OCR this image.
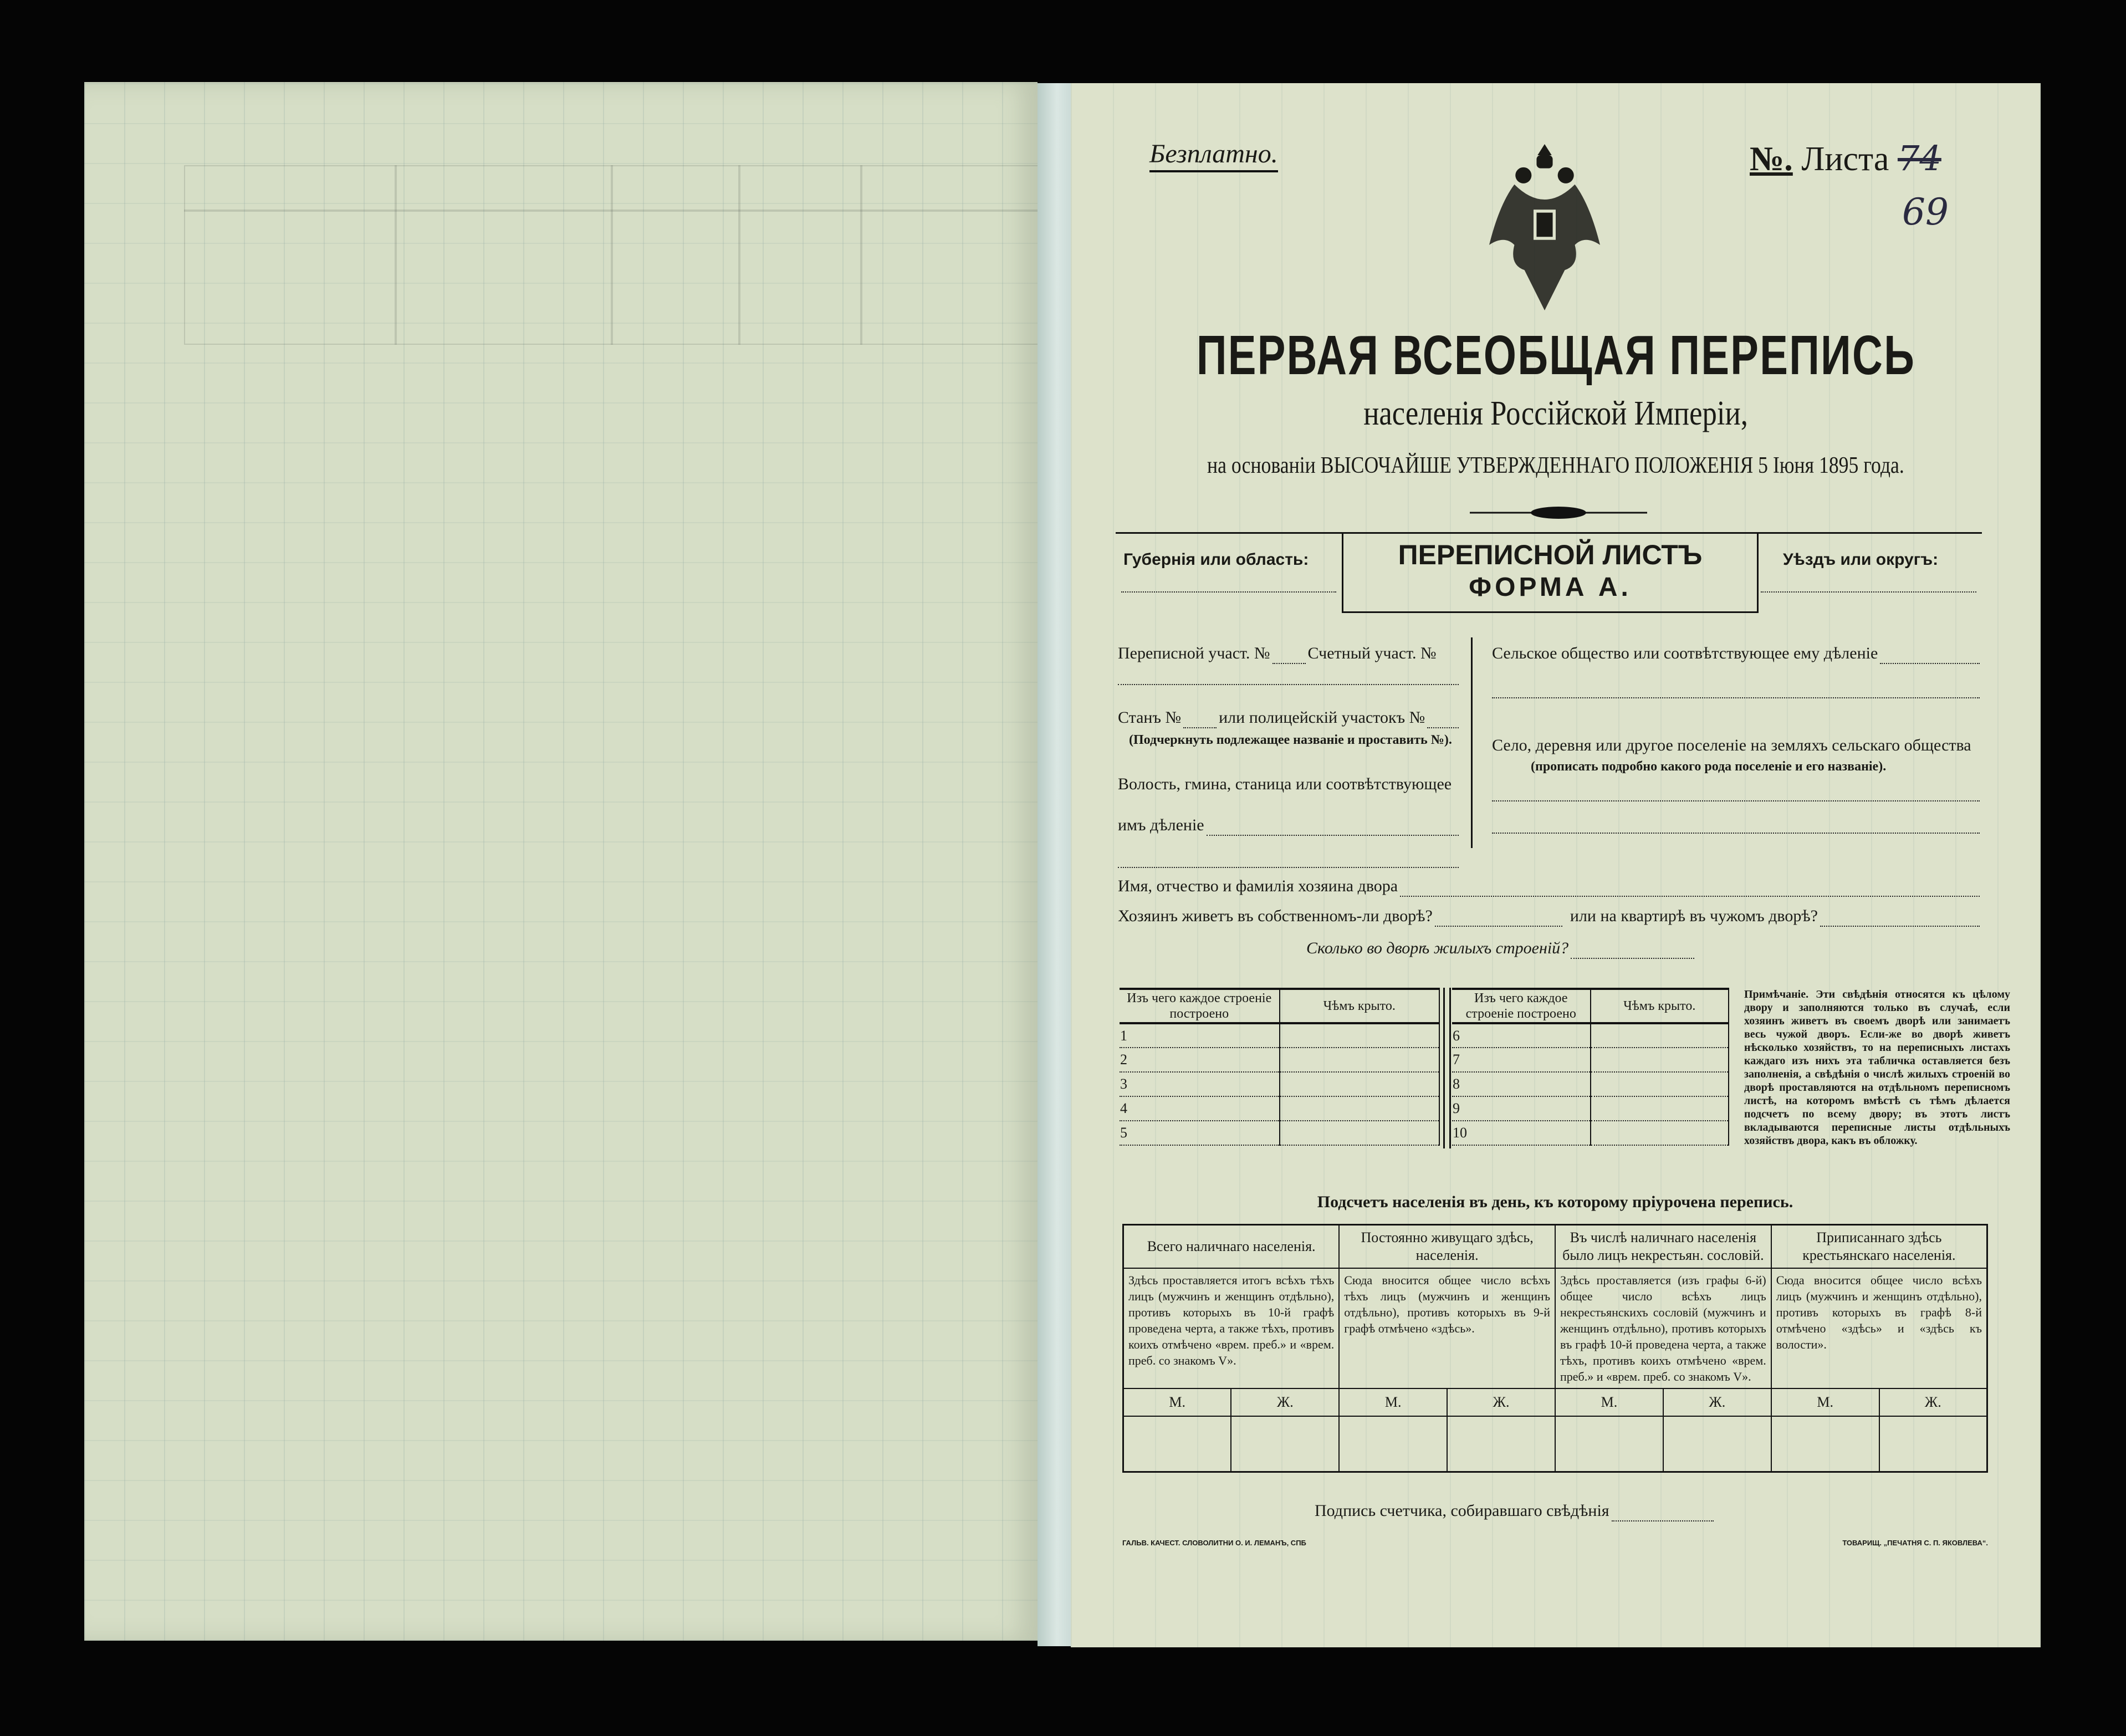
Безплатно.	№. Листа 74
69
ПЕРВАЯ ВСЕОБЩАЯ ПЕРЕПИСЬ
населенія Россійской Имперіи,
на основаніи ВЫСОЧАЙШЕ УТВЕРЖДЕННАГО ПОЛОЖЕНІЯ 5 Іюня 1895 года.
Губернія или область:	ПЕРЕПИСНОЙ ЛИСТЪ
ФОРМА А.
Уѣздъ или округъ:
Переписной участ. № Счетный участ. №
Станъ № или полицейскій участокъ №
(Подчеркнуть подлежащее названіе и проставить №).
Волость, гмина, станица или соотвѣтствующее
имъ дѣленіе
Сельское общество или соотвѣтствующее ему дѣленіе
Село, деревня или другое поселеніе на земляхъ сельскаго общества
(прописать подробно какого рода поселеніе и его названіе).
Имя, отчество и фамилія хозяина двора
Хозяинъ живетъ въ собственномъ-ли дворѣ?	или на квартирѣ въ чужомъ дворѣ?
Сколько во дворѣ жилыхъ строеній?
Изъ чего каждое строеніе построено	Чѣмъ крыто.
1	
2	
3	
4	
5	
Изъ чего каждое строеніе построено	Чѣмъ крыто.
6	
7	
8	
9	
10	
Примѣчаніе. Эти свѣдѣнія относятся къ цѣлому двору и заполняются только въ случаѣ, если хозяинъ живетъ въ своемъ дворѣ или занимаетъ весь чужой дворъ. Если-же во дворѣ живетъ нѣсколько хозяйствъ, то на переписныхъ листахъ каждаго изъ нихъ эта табличка оставляется безъ заполненія, а свѣдѣнія о числѣ жилыхъ строеній во дворѣ проставляются на отдѣльномъ переписномъ листѣ, на которомъ вмѣстѣ съ тѣмъ дѣлается подсчетъ по всему двору; въ этотъ листъ вкладываются переписные листы отдѣльныхъ хозяйствъ двора, какъ въ обложку.
Подсчетъ населенія въ день, къ которому пріурочена перепись.
Всего наличнаго населенія.		Постоянно живущаго здѣсь, населенія.		Въ числѣ наличнаго населенія было лицъ некрестьян. сословій.		Приписаннаго здѣсь крестьянскаго населенія.	
Здѣсь проставляется итогъ всѣхъ тѣхъ лицъ (мужчинъ и женщинъ отдѣльно), противъ которыхъ въ 10-й графѣ проведена черта, а также тѣхъ, противъ коихъ отмѣчено «врем. преб.» и «врем. преб. со знакомъ V».		Сюда вносится общее число всѣхъ тѣхъ лицъ (мужчинъ и женщинъ отдѣльно), противъ которыхъ въ 9-й графѣ отмѣчено «здѣсь».		Здѣсь проставляется (изъ графы 6-й) общее число всѣхъ лицъ некрестьянскихъ сословій (мужчинъ и женщинъ отдѣльно), противъ которыхъ въ графѣ 10-й проведена черта, а также тѣхъ, противъ коихъ отмѣчено «врем. преб.» и «врем. преб. со знакомъ V».		Сюда вносится общее число всѣхъ лицъ (мужчинъ и женщинъ отдѣльно), противъ которыхъ въ графѣ 8-й отмѣчено «здѣсь» и «здѣсь къ волости».	
М.	Ж.	М.	Ж.	М.	Ж.	М.	Ж.

Подпись счетчика, собиравшаго свѣдѣнія
ГАЛЬВ. КАЧЕСТ. СЛОВОЛИТНИ О. И. ЛЕМАНЪ, СПБ	ТОВАРИЩ. „ПЕЧАТНЯ С. П. ЯКОВЛЕВА“.
